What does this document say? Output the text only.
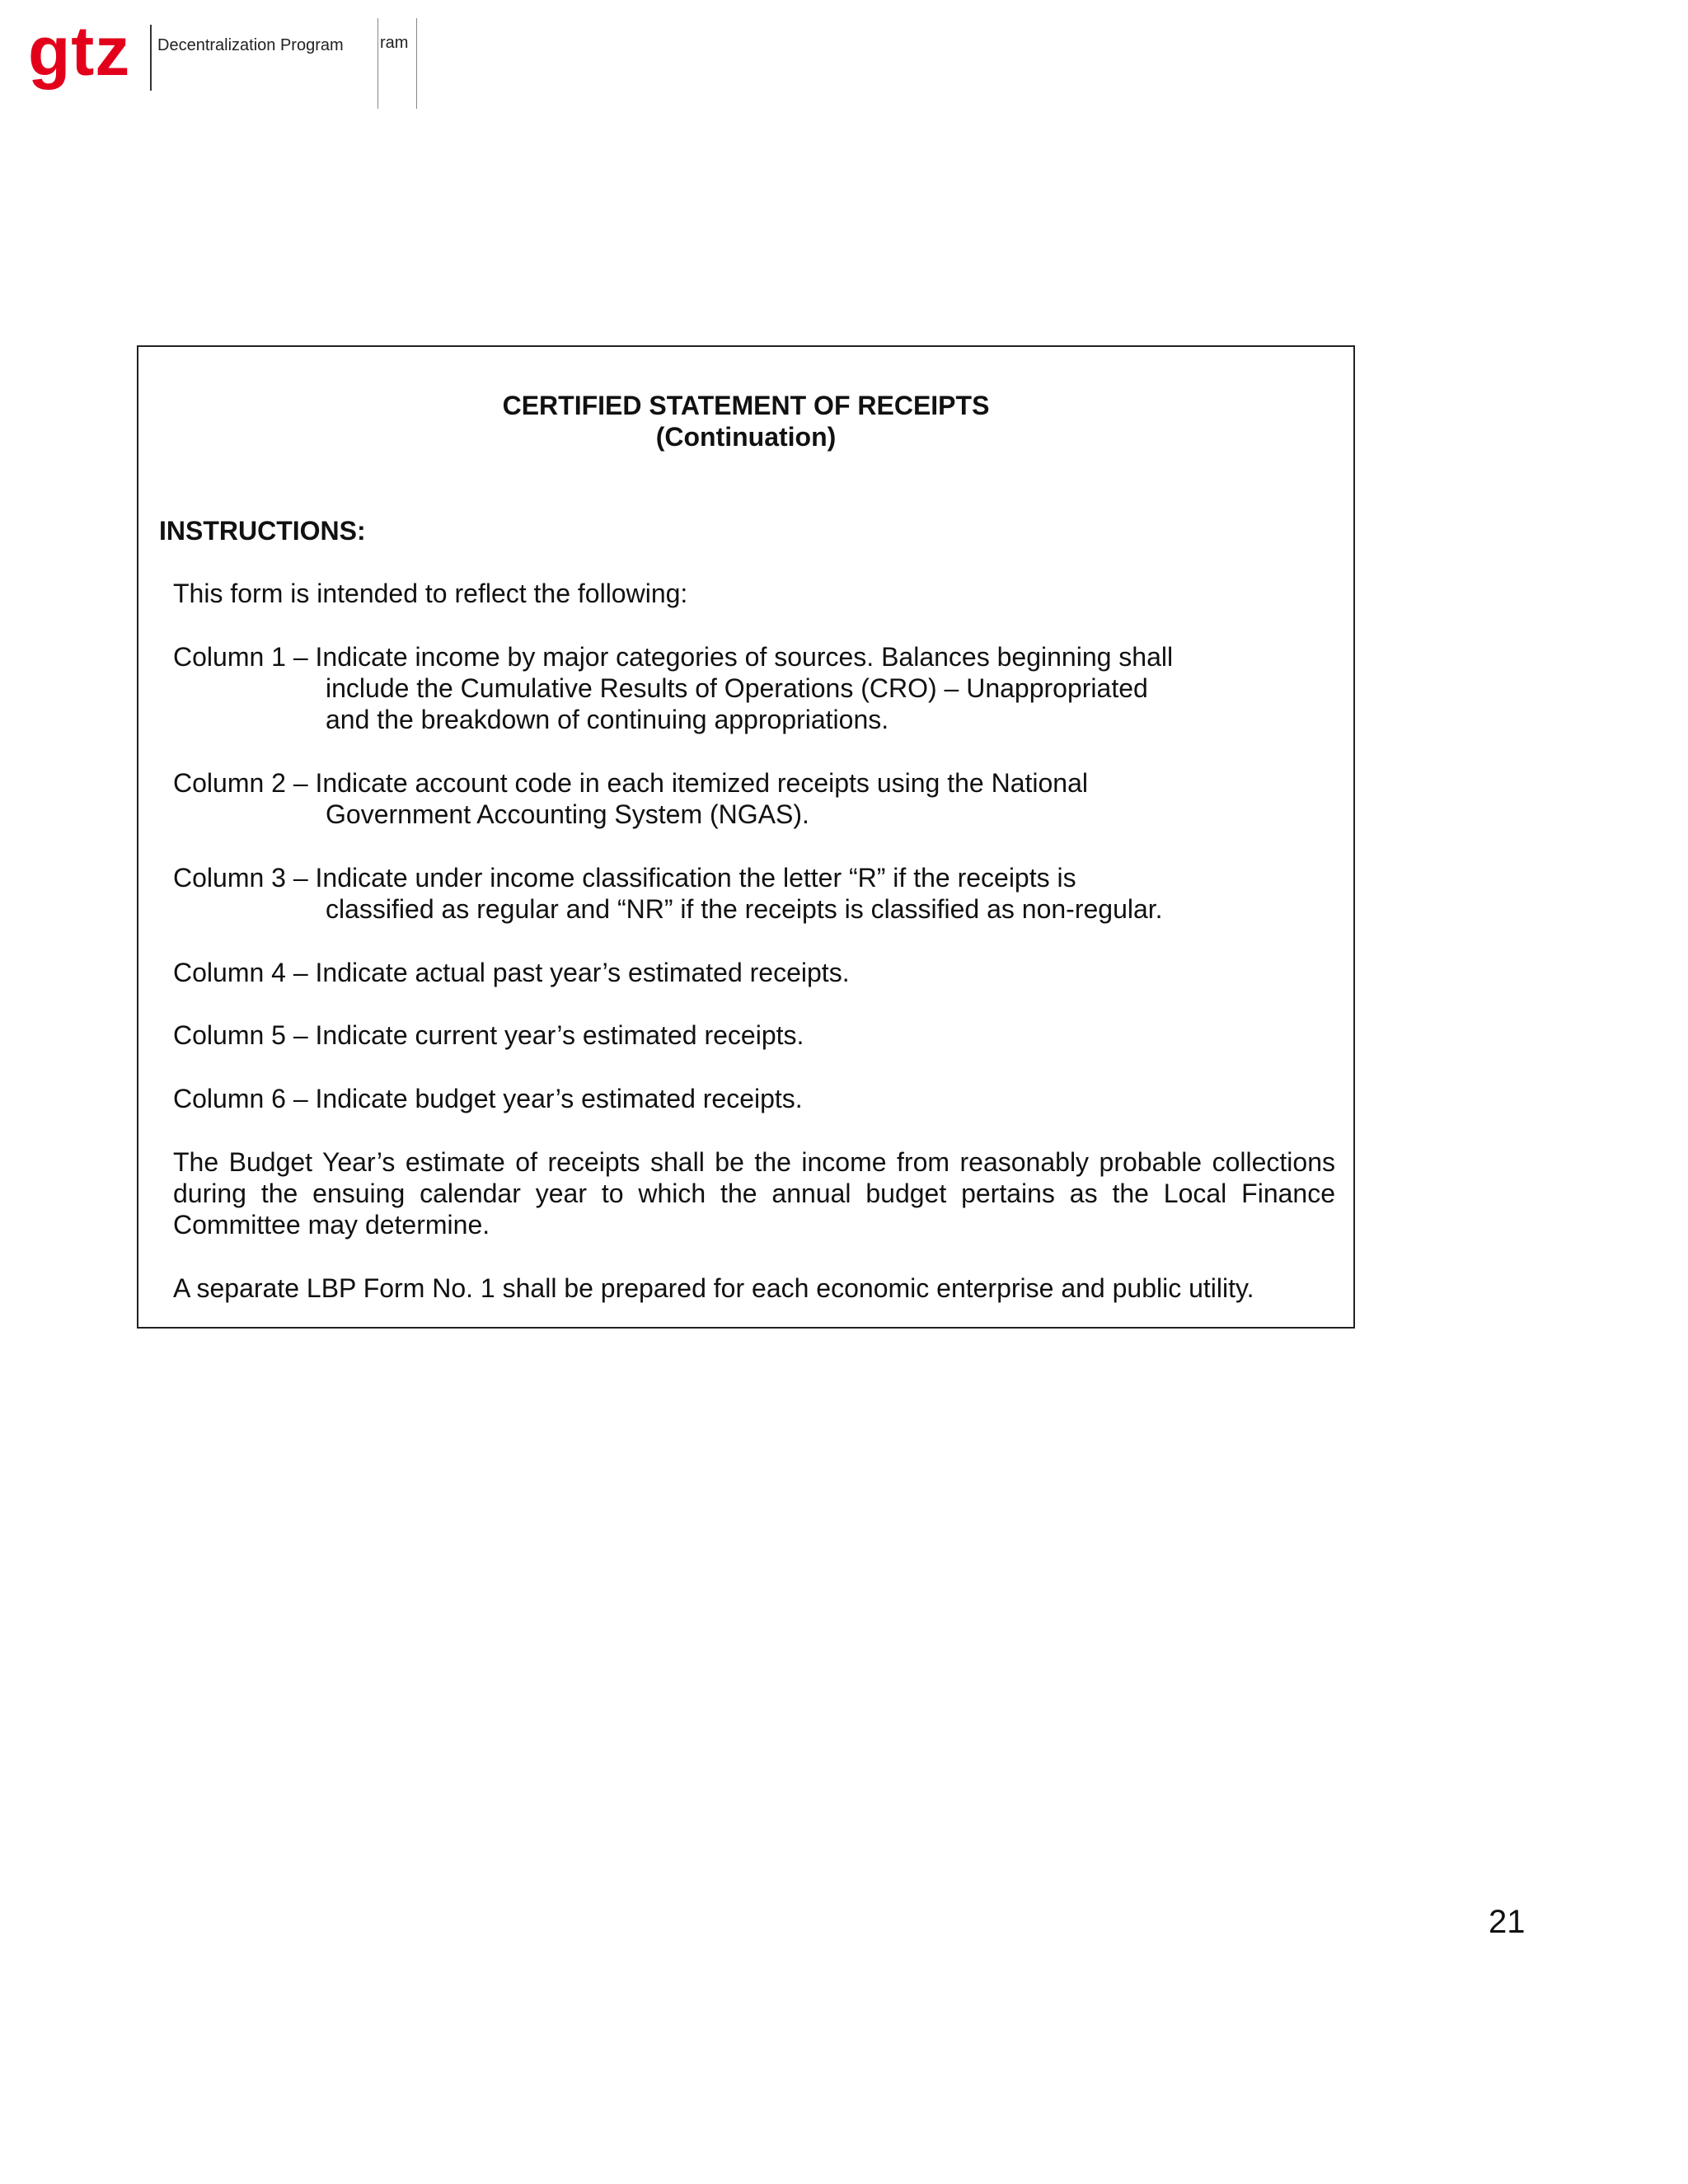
gtz Decentralization Program ram
CERTIFIED STATEMENT OF RECEIPTS
(Continuation)
INSTRUCTIONS:
This form is intended to reflect the following:
Column 1 – Indicate income by major categories of sources. Balances beginning shall
include the Cumulative Results of Operations (CRO) – Unappropriated
and the breakdown of continuing appropriations.
Column 2 – Indicate account code in each itemized receipts using the National
Government Accounting System (NGAS).
Column 3 – Indicate under income classification the letter “R” if the receipts is
classified as regular and “NR” if the receipts is classified as non-regular.
Column 4 – Indicate actual past year’s estimated receipts.
Column 5 – Indicate current year’s estimated receipts.
Column 6 – Indicate budget year’s estimated receipts.
The Budget Year’s estimate of receipts shall be the income from reasonably probable collections during the ensuing calendar year to which the annual budget pertains as the Local Finance Committee may determine.
A separate LBP Form No. 1 shall be prepared for each economic enterprise and public utility.
21
